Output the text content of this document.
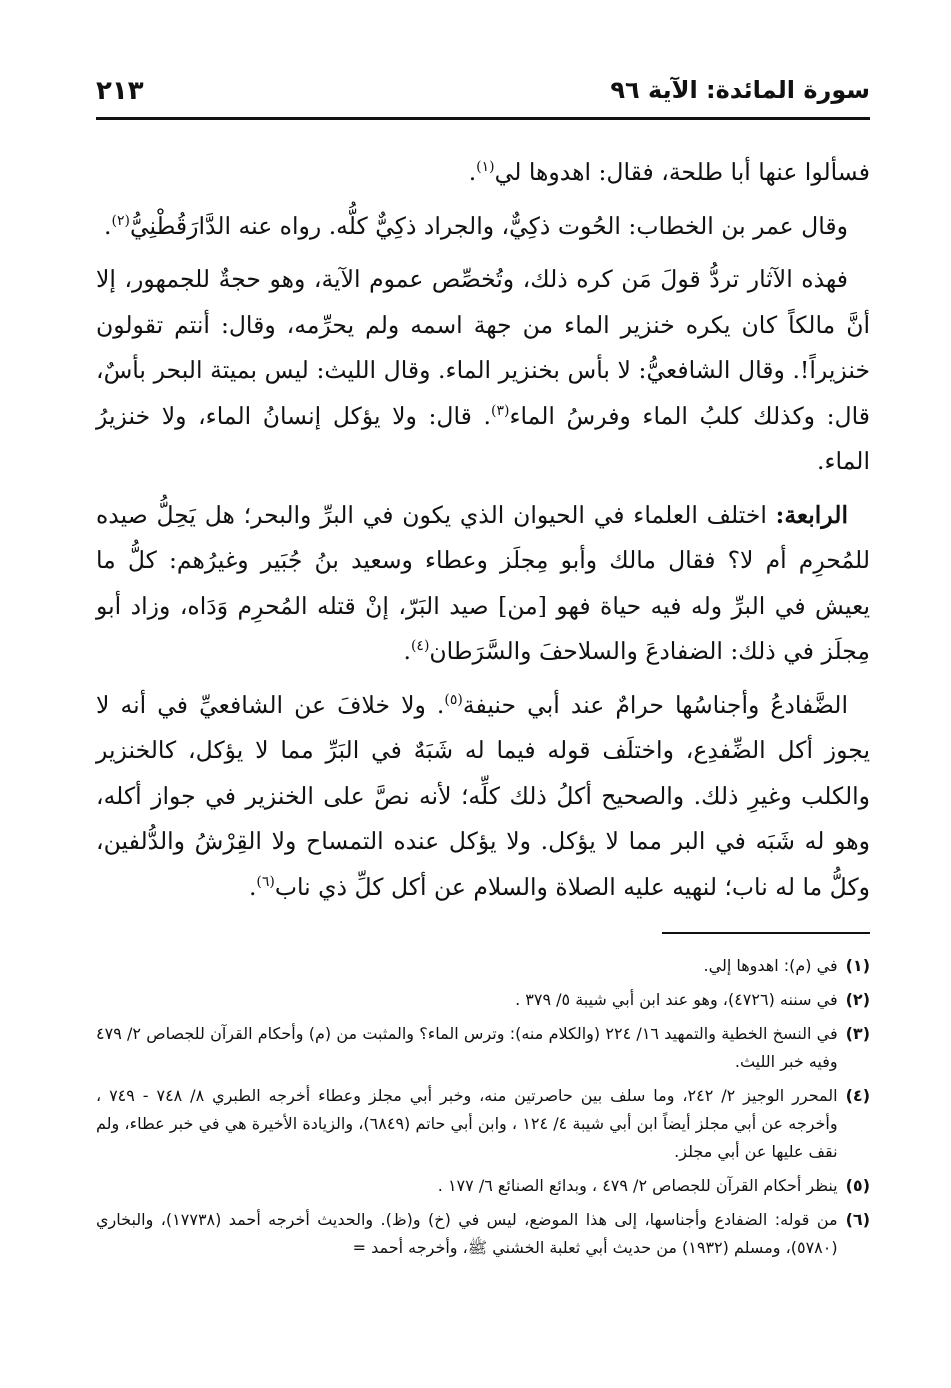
سورة المائدة: الآية ٩٦
٢١٣

فسألوا عنها أبا طلحة، فقال: اهدوها لي$^{(١)}$.

وقال عمر بن الخطاب: الحُوت ذكِيٌّ، والجراد ذكِيٌّ كلُّه. رواه عنه الدَّارَقُطْنِيُّ$^{(٢)}$.

فهذه الآثار تردُّ قولَ مَن كره ذلك، وتُخصِّص عموم الآية، وهو حجةٌ للجمهور، إلا أنَّ مالكاً كان يكره خنزير الماء من جهة اسمه ولم يحرِّمه، وقال: أنتم تقولون خنزيراً!. وقال الشافعيُّ: لا بأس بخنزير الماء. وقال الليث: ليس بميتة البحر بأسٌ، قال: وكذلك كلبُ الماء وفرسُ الماء$^{(٣)}$. قال: ولا يؤكل إنسانُ الماء، ولا خنزيرُ الماء.

الرابعة: اختلف العلماء في الحيوان الذي يكون في البرِّ والبحر؛ هل يَحِلُّ صيده للمُحرِم أم لا؟ فقال مالك وأبو مِجلَز وعطاء وسعيد بنُ جُبَير وغيرُهم: كلُّ ما يعيش في البرِّ وله فيه حياة فهو [من] صيد البَرّ، إنْ قتله المُحرِم وَدَاه، وزاد أبو مِجلَز في ذلك: الضفادعَ والسلاحفَ والسَّرَطان$^{(٤)}$.

الضَّفادعُ وأجناسُها حرامٌ عند أبي حنيفة$^{(٥)}$. ولا خلافَ عن الشافعيِّ في أنه لا يجوز أكل الضِّفدِع، واختلَف قوله فيما له شَبَهٌ في البَرِّ مما لا يؤكل، كالخنزير والكلب وغيرِ ذلك. والصحيح أكلُ ذلك كلِّه؛ لأنه نصَّ على الخنزير في جواز أكله، وهو له شَبَه في البر مما لا يؤكل. ولا يؤكل عنده التمساح ولا القِرْشُ والدُّلفين، وكلُّ ما له ناب؛ لنهيه عليه الصلاة والسلام عن أكل كلِّ ذي ناب$^{(٦)}$.

(١)
في (م): اهدوها إلي.
(٢)
في سننه (٤٧٢٦)، وهو عند ابن أبي شيبة ٥/ ٣٧٩ .
(٣)
في النسخ الخطية والتمهيد ١٦/ ٢٢٤ (والكلام منه): وترس الماء؟ والمثبت من (م) وأحكام القرآن للجصاص ٢/ ٤٧٩ وفيه خبر الليث.
(٤)
المحرر الوجيز ٢/ ٢٤٢، وما سلف بين حاصرتين منه، وخبر أبي مجلز وعطاء أخرجه الطبري ٨/ ٧٤٨ - ٧٤٩ ، وأخرجه عن أبي مجلز أيضاً ابن أبي شيبة ٤/ ١٢٤ ، وابن أبي حاتم (٦٨٤٩)، والزيادة الأخيرة هي في خبر عطاء، ولم نقف عليها عن أبي مجلز.
(٥)
ينظر أحكام القرآن للجصاص ٢/ ٤٧٩ ، وبدائع الصنائع ٦/ ١٧٧ .
(٦)
من قوله: الضفادع وأجناسها، إلى هذا الموضع، ليس في (خ) و(ظ). والحديث أخرجه أحمد (١٧٧٣٨)، والبخاري (٥٧٨٠)، ومسلم (١٩٣٢) من حديث أبي ثعلبة الخشني ﷺ، وأخرجه أحمد =
